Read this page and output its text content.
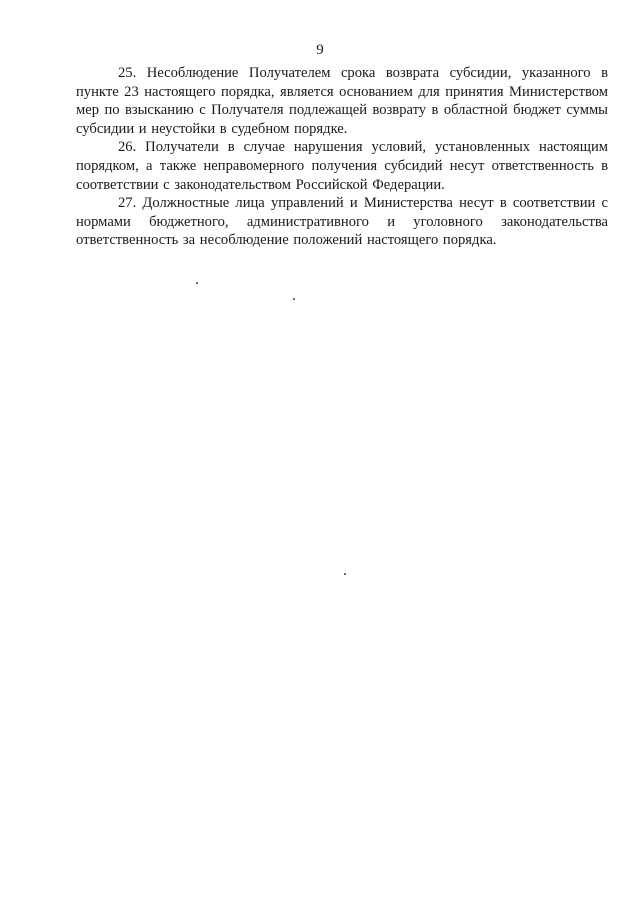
9

25. Несоблюдение Получателем срока возврата субсидии, указанного в пункте 23 настоящего порядка, является основанием для принятия Министерством мер по взысканию с Получателя подлежащей возврату в областной бюджет суммы субсидии и неустойки в судебном порядке.

26. Получатели в случае нарушения условий, установленных настоящим порядком, а также неправомерного получения субсидий несут ответственность в соответствии с законодательством Российской Федерации.

27. Должностные лица управлений и Министерства несут в соответствии с нормами бюджетного, административного и уголовного законодательства ответственность за несоблюдение положений настоящего порядка.
